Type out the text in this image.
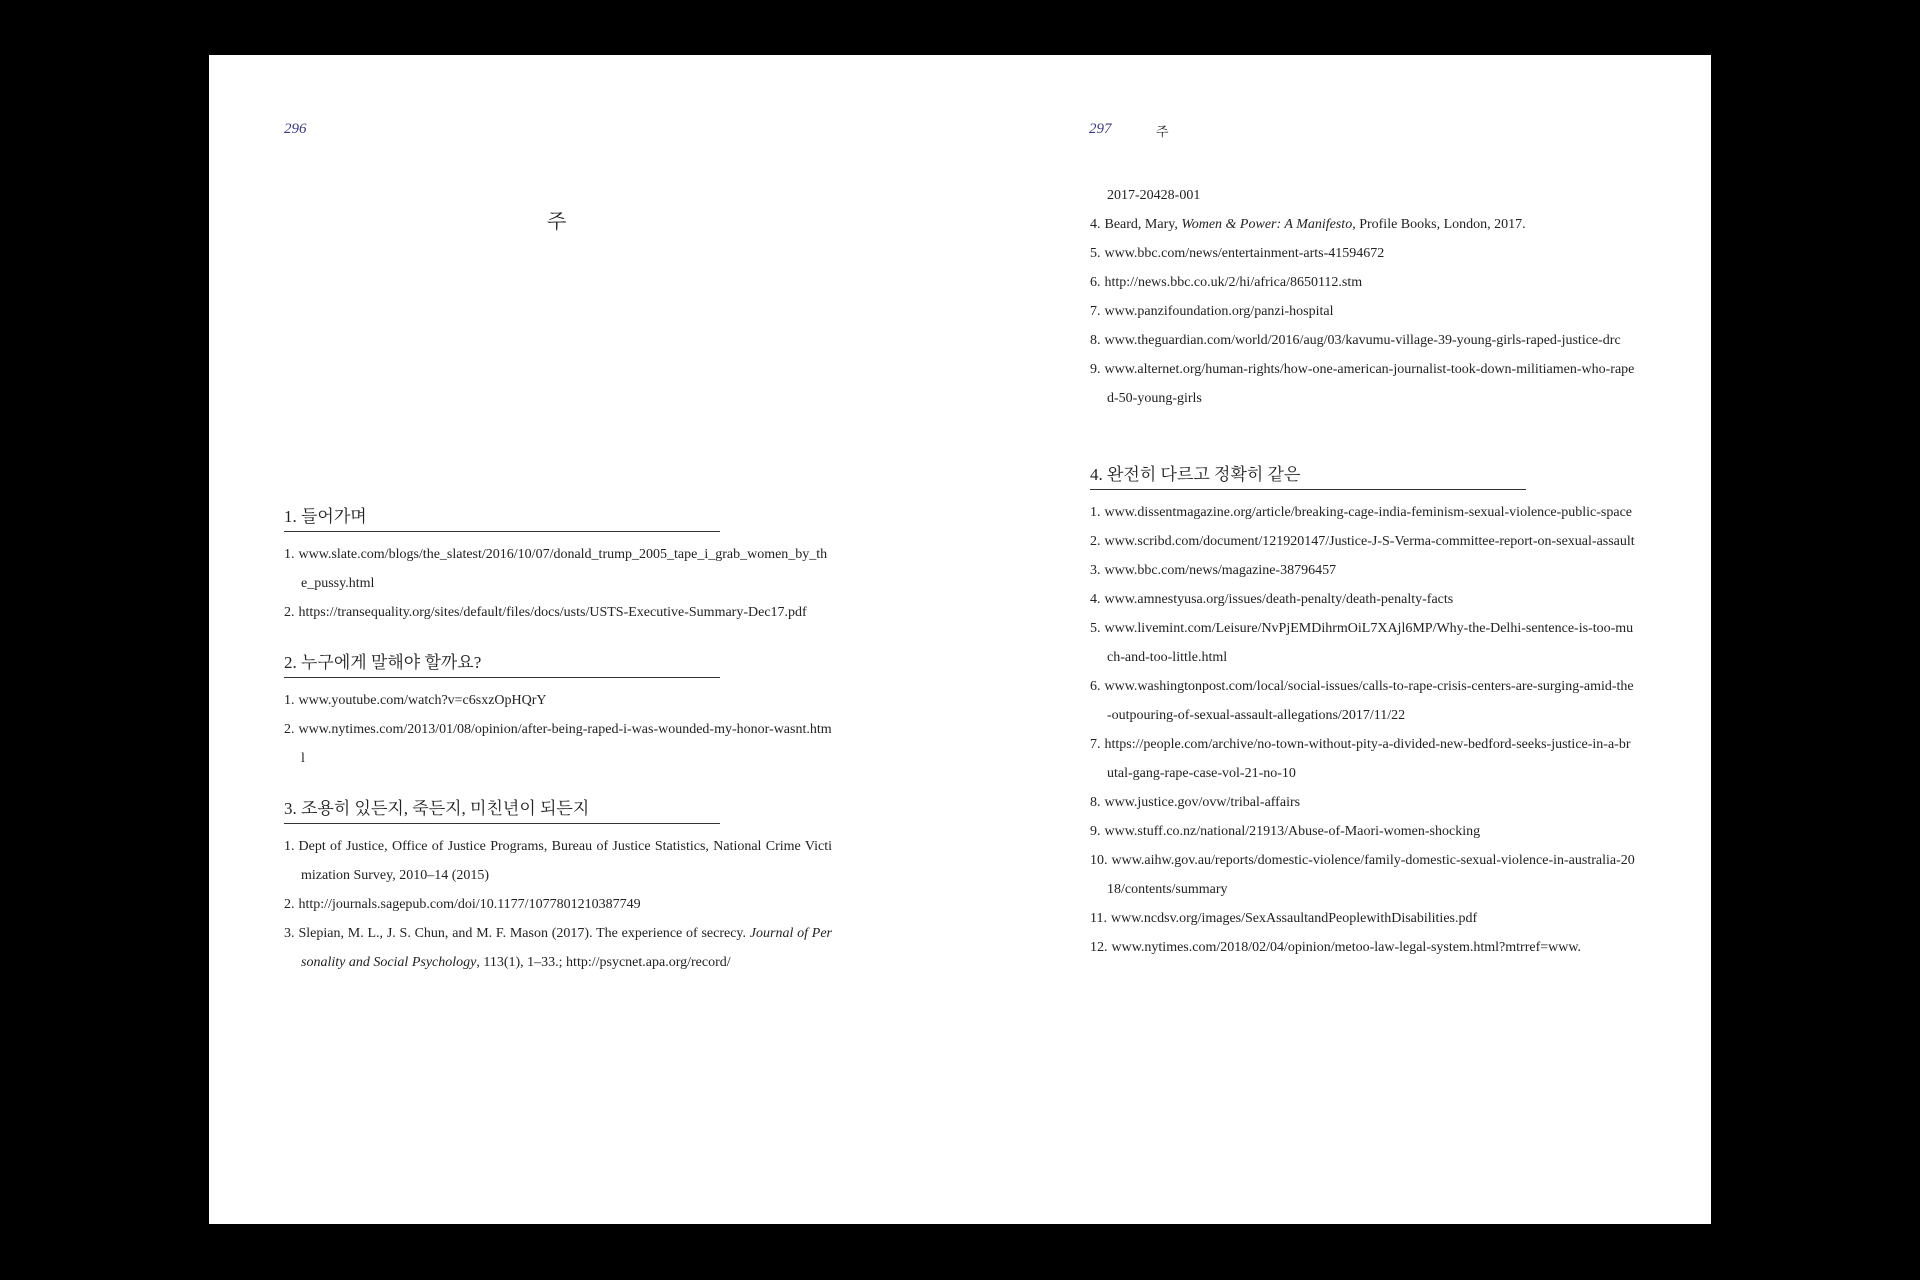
296
주
1. 들어가며
1. www.slate.com/blogs/the_slatest/2016/10/07/donald_trump_2005_tape_i_grab_women_by_the_pussy.html
2. https://transequality.org/sites/default/files/docs/usts/USTS-Executive-Summary-Dec17.pdf
2. 누구에게 말해야 할까요?
1. www.youtube.com/watch?v=c6sxzOpHQrY
2. www.nytimes.com/2013/01/08/opinion/after-being-raped-i-was-wounded-my-honor-wasnt.html
3. 조용히 있든지, 죽든지, 미친년이 되든지
1. Dept of Justice, Office of Justice Programs, Bureau of Justice Statistics, National Crime Victimization Survey, 2010–14 (2015)
2. http://journals.sagepub.com/doi/10.1177/1077801210387749
3. Slepian, M. L., J. S. Chun, and M. F. Mason (2017). The experience of secrecy. Journal of Personality and Social Psychology, 113(1), 1–33.; http://psycnet.apa.org/record/
297	주
2017-20428-001
4. Beard, Mary, Women & Power: A Manifesto, Profile Books, London, 2017.
5. www.bbc.com/news/entertainment-arts-41594672
6. http://news.bbc.co.uk/2/hi/africa/8650112.stm
7. www.panzifoundation.org/panzi-hospital
8. www.theguardian.com/world/2016/aug/03/kavumu-village-39-young-girls-raped-justice-drc
9. www.alternet.org/human-rights/how-one-american-journalist-took-down-militiamen-who-raped-50-young-girls
4. 완전히 다르고 정확히 같은
1. www.dissentmagazine.org/article/breaking-cage-india-feminism-sexual-violence-public-space
2. www.scribd.com/document/121920147/Justice-J-S-Verma-committee-report-on-sexual-assault
3. www.bbc.com/news/magazine-38796457
4. www.amnestyusa.org/issues/death-penalty/death-penalty-facts
5. www.livemint.com/Leisure/NvPjEMDihrmOiL7XAjl6MP/Why-the-Delhi-sentence-is-too-much-and-too-little.html
6. www.washingtonpost.com/local/social-issues/calls-to-rape-crisis-centers-are-surging-amid-the-outpouring-of-sexual-assault-allegations/2017/11/22
7. https://people.com/archive/no-town-without-pity-a-divided-new-bedford-seeks-justice-in-a-brutal-gang-rape-case-vol-21-no-10
8. www.justice.gov/ovw/tribal-affairs
9. www.stuff.co.nz/national/21913/Abuse-of-Maori-women-shocking
10. www.aihw.gov.au/reports/domestic-violence/family-domestic-sexual-violence-in-australia-2018/contents/summary
11. www.ncdsv.org/images/SexAssaultandPeoplewithDisabilities.pdf
12. www.nytimes.com/2018/02/04/opinion/metoo-law-legal-system.html?mtrref=www.
